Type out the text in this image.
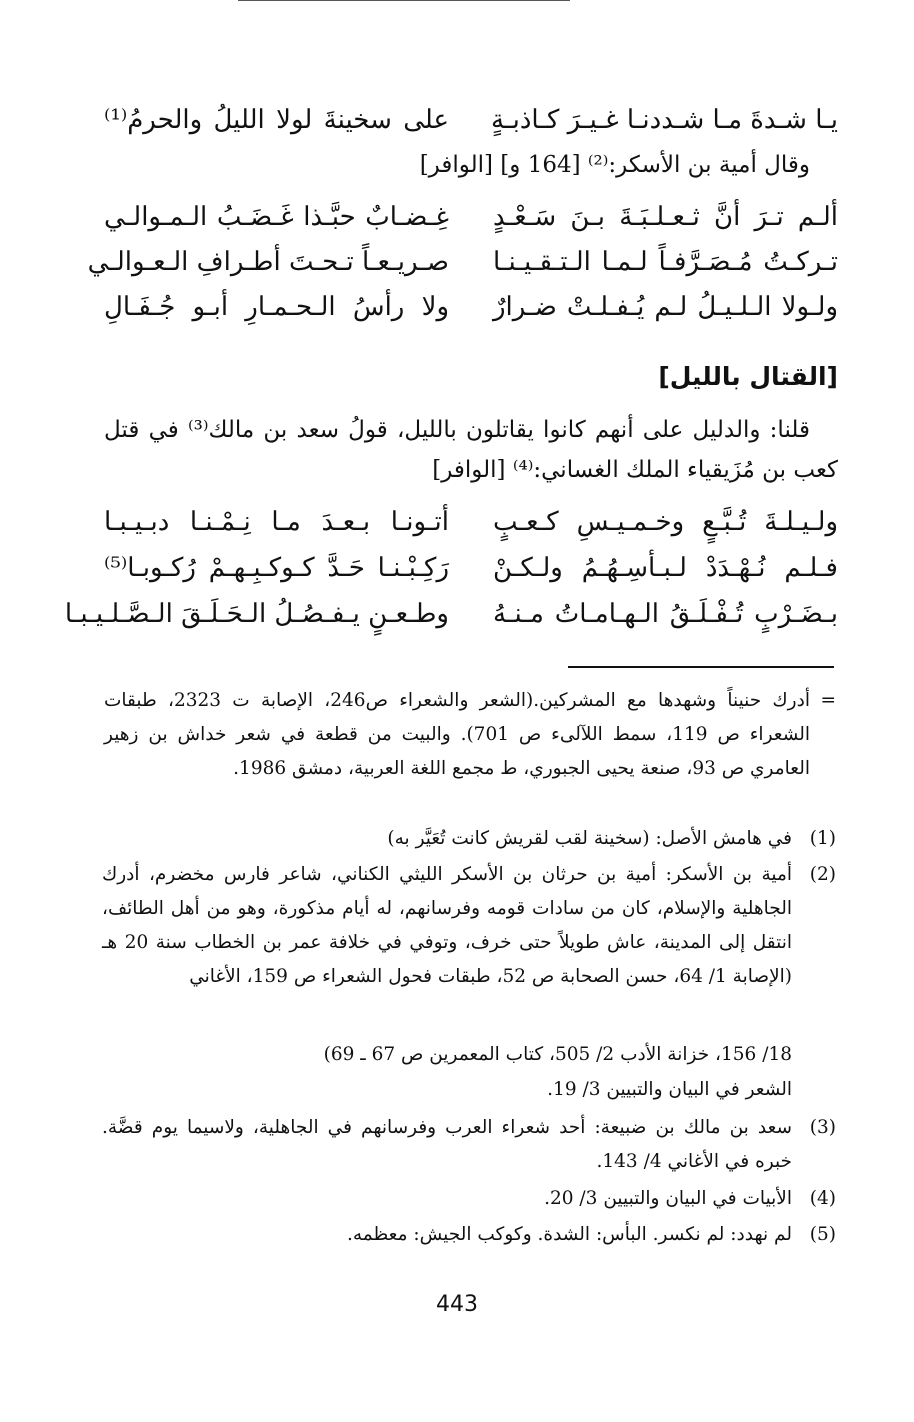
يـا شـدةَ مـا شـددنـا غـيـرَ كـاذبـةٍ
على سخينةَ لولا الليلُ والحرمُ⁽¹⁾
وقال أمية بن الأسكر:⁽²⁾ [164 و] [الوافر]
ألـم تـرَ أنَّ ثـعـلـبَـةَ بـنَ سَـعْـدٍ
غِـضـابٌ حبَّـذا غَـضَـبُ الـمـوالـي
تـركـتُ مُـصَـرَّفـاً لـمـا الـتـقـيـنـا
صـريـعـاً تـحـتَ أطـرافِ الـعـوالـي
ولـولا الـلـيـلُ لـم يُـفـلـتْ ضـرارٌ
ولا رأسُ الـحـمـارِ أبـو جُـفَـالِ
[القتال بالليل]
قلنا: والدليل على أنهم كانوا يقاتلون بالليل، قولُ سعد بن مالك⁽³⁾ في قتل كعب بن مُزَيقياء الملك الغساني:⁽⁴⁾ [الوافر]
ولـيـلـةَ تُـبَّـعٍ وخـمـيـسِ كـعـبٍ
أتـونـا بـعـدَ مـا نِـمْـنـا دبـيـبـا
فـلـم نُـهْـدَدْ لـبـأسِـهُـمُ ولـكـنْ
رَكِـبْـنـا حَـدَّ كـوكـبِـهـمْ رُكـوبـا⁽⁵⁾
بـضَـرْبٍ تُـفْـلَـقُ الـهـامـاتُ مـنـهُ
وطـعـنٍ يـفـصُـلُ الـحَـلَـقَ الـصَّـلـيـبـا
=
أدرك حنيناً وشهدها مع المشركين.(الشعر والشعراء ص246، الإصابة ت 2323، طبقات الشعراء ص 119، سمط اللآلىء ص 701). والبيت من قطعة في شعر خداش بن زهير العامري ص 93، صنعة يحيى الجبوري، ط مجمع اللغة العربية، دمشق 1986.
(1)
في هامش الأصل: (سخينة لقب لقريش كانت تُعَيَّر به)
(2)
أمية بن الأسكر: أمية بن حرثان بن الأسكر الليثي الكناني، شاعر فارس مخضرم، أدرك الجاهلية والإسلام، كان من سادات قومه وفرسانهم، له أيام مذكورة، وهو من أهل الطائف، انتقل إلى المدينة، عاش طويلاً حتى خرف، وتوفي في خلافة عمر بن الخطاب سنة 20 هـ (الإصابة 1/ 64، حسن الصحابة ص 52، طبقات فحول الشعراء ص 159، الأغاني
18/ 156، خزانة الأدب 2/ 505، كتاب المعمرين ص 67 ـ 69)
الشعر في البيان والتبيين 3/ 19.
(3)
سعد بن مالك بن ضبيعة: أحد شعراء العرب وفرسانهم في الجاهلية، ولاسيما يوم قضَّة. خبره في الأغاني 4/ 143.
(4)
الأبيات في البيان والتبيين 3/ 20.
(5)
لم نهدد: لم نكسر. البأس: الشدة. وكوكب الجيش: معظمه.
443
